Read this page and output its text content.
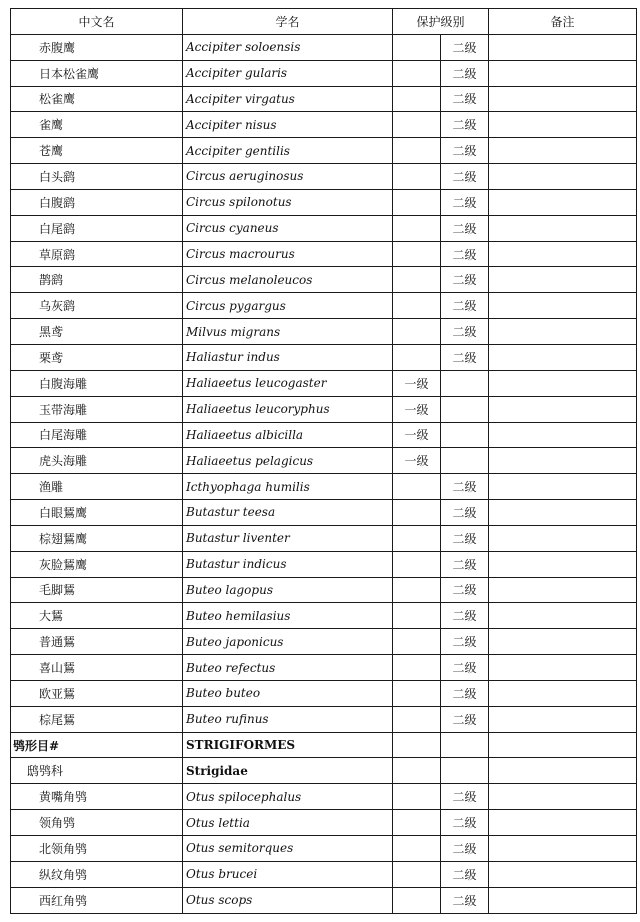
中文名	学名	保护级别		备注
赤腹鹰	Accipiter soloensis		二级	
日本松雀鹰	Accipiter gularis		二级	
松雀鹰	Accipiter virgatus		二级	
雀鹰	Accipiter nisus		二级	
苍鹰	Accipiter gentilis		二级	
白头鹞	Circus aeruginosus		二级	
白腹鹞	Circus spilonotus		二级	
白尾鹞	Circus cyaneus		二级	
草原鹞	Circus macrourus		二级	
鹊鹞	Circus melanoleucos		二级	
乌灰鹞	Circus pygargus		二级	
黑鸢	Milvus migrans		二级	
栗鸢	Haliastur indus		二级	
白腹海雕	Haliaeetus leucogaster	一级		
玉带海雕	Haliaeetus leucoryphus	一级		
白尾海雕	Haliaeetus albicilla	一级		
虎头海雕	Haliaeetus pelagicus	一级		
渔雕	Icthyophaga humilis		二级	
白眼鵟鹰	Butastur teesa		二级	
棕翅鵟鹰	Butastur liventer		二级	
灰脸鵟鹰	Butastur indicus		二级	
毛脚鵟	Buteo lagopus		二级	
大鵟	Buteo hemilasius		二级	
普通鵟	Buteo japonicus		二级	
喜山鵟	Buteo refectus		二级	
欧亚鵟	Buteo buteo		二级	
棕尾鵟	Buteo rufinus		二级	
鸮形目#	STRIGIFORMES			
鸱鸮科	Strigidae			
黄嘴角鸮	Otus spilocephalus		二级	
领角鸮	Otus lettia		二级	
北领角鸮	Otus semitorques		二级	
纵纹角鸮	Otus brucei		二级	
西红角鸮	Otus scops		二级	
